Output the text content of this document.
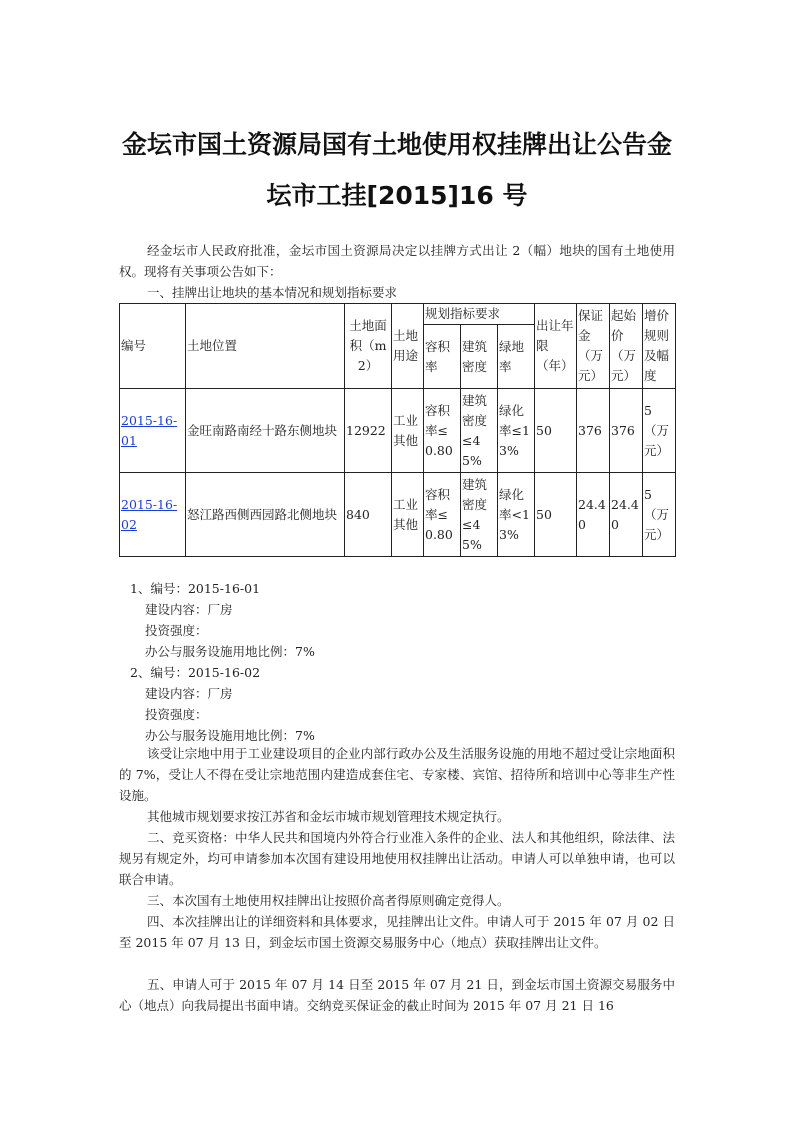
金坛市国土资源局国有土地使用权挂牌出让公告金
坛市工挂[2015]16 号
经金坛市人民政府批准，金坛市国土资源局决定以挂牌方式出让 2（幅）地块的国有土地使用权。现将有关事项公告如下：
一、挂牌出让地块的基本情况和规划指标要求
编号	土地位置	土地面积（m2）	土地用途	规划指标要求			出让年限（年）	保证金（万元）	起始价（万元）	增价规则及幅度
				容积率	建筑密度	绿地率				
2015-16-01	金旺南路南经十路东侧地块	12922	工业其他	容积率≤0.80	建筑密度≤45%	绿化率≤13%	50	376	376	5（万元）
2015-16-02	怒江路西侧西园路北侧地块	840	工业其他	容积率≤0.80	建筑密度≤45%	绿化率<13%	50	24.40	24.40	5（万元）
1、编号：2015-16-01
建设内容：厂房
投资强度：
办公与服务设施用地比例：7%
2、编号：2015-16-02
建设内容：厂房
投资强度：
办公与服务设施用地比例：7%
该受让宗地中用于工业建设项目的企业内部行政办公及生活服务设施的用地不超过受让宗地面积的 7%，受让人不得在受让宗地范围内建造成套住宅、专家楼、宾馆、招待所和培训中心等非生产性设施。
其他城市规划要求按江苏省和金坛市城市规划管理技术规定执行。
二、竞买资格：中华人民共和国境内外符合行业准入条件的企业、法人和其他组织，除法律、法规另有规定外，均可申请参加本次国有建设用地使用权挂牌出让活动。申请人可以单独申请，也可以联合申请。
三、本次国有土地使用权挂牌出让按照价高者得原则确定竞得人。
四、本次挂牌出让的详细资料和具体要求，见挂牌出让文件。申请人可于 2015 年 07 月 02 日至 2015 年 07 月 13 日，到金坛市国土资源交易服务中心（地点）获取挂牌出让文件。
五、申请人可于 2015 年 07 月 14 日至 2015 年 07 月 21 日，到金坛市国土资源交易服务中心（地点）向我局提出书面申请。交纳竞买保证金的截止时间为 2015 年 07 月 21 日 16
